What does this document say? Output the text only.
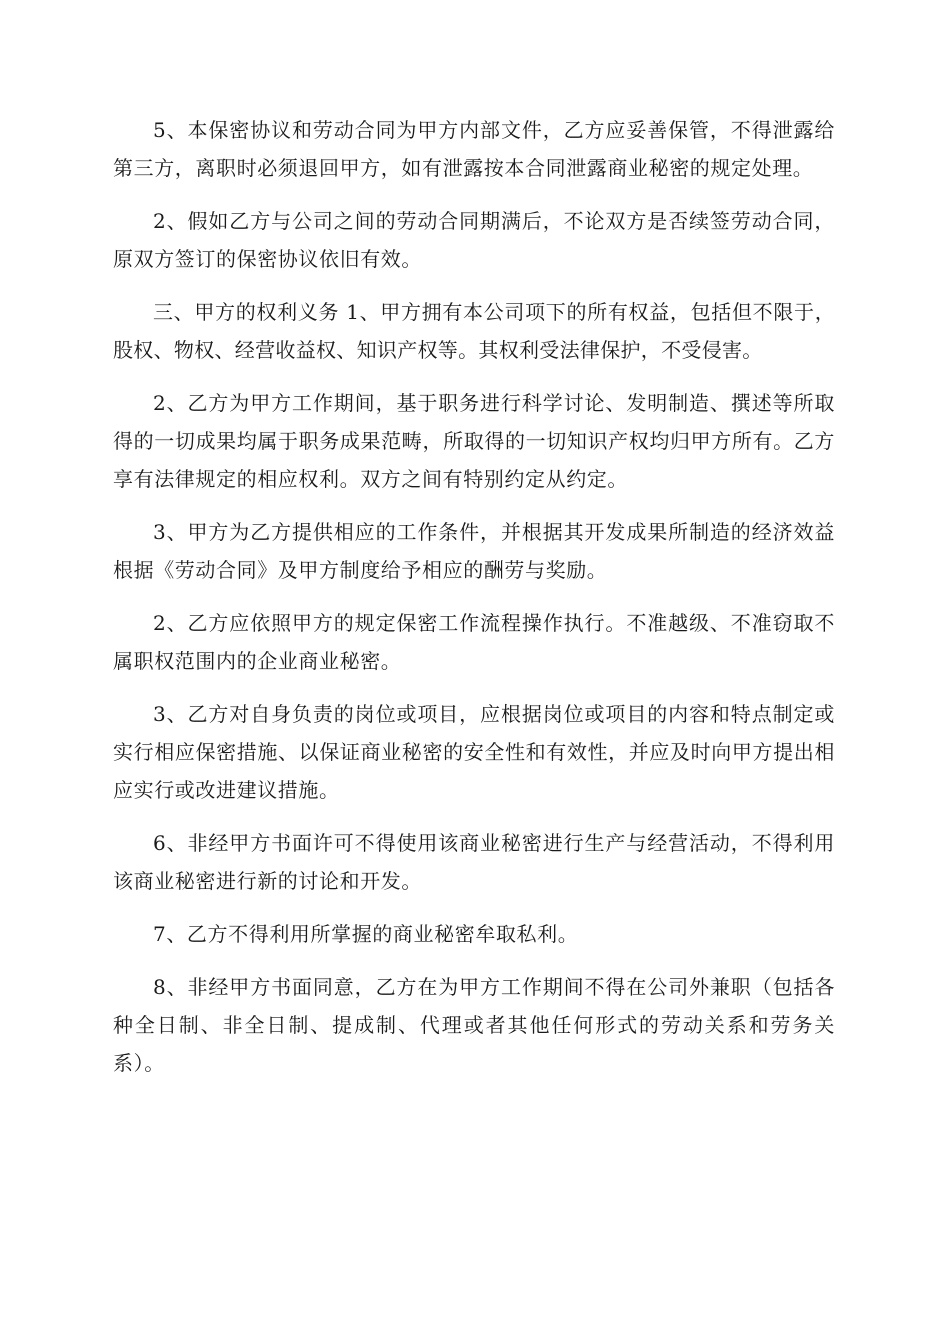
5、本保密协议和劳动合同为甲方内部文件，乙方应妥善保管，不得泄露给第三方，离职时必须退回甲方，如有泄露按本合同泄露商业秘密的规定处理。

2、假如乙方与公司之间的劳动合同期满后，不论双方是否续签劳动合同，原双方签订的保密协议依旧有效。

三、甲方的权利义务 1、甲方拥有本公司项下的所有权益，包括但不限于，股权、物权、经营收益权、知识产权等。其权利受法律保护，不受侵害。

2、乙方为甲方工作期间，基于职务进行科学讨论、发明制造、撰述等所取得的一切成果均属于职务成果范畴，所取得的一切知识产权均归甲方所有。乙方享有法律规定的相应权利。双方之间有特别约定从约定。

3、甲方为乙方提供相应的工作条件，并根据其开发成果所制造的经济效益根据《劳动合同》及甲方制度给予相应的酬劳与奖励。

2、乙方应依照甲方的规定保密工作流程操作执行。不准越级、不准窃取不属职权范围内的企业商业秘密。

3、乙方对自身负责的岗位或项目，应根据岗位或项目的内容和特点制定或实行相应保密措施、以保证商业秘密的安全性和有效性，并应及时向甲方提出相应实行或改进建议措施。

6、非经甲方书面许可不得使用该商业秘密进行生产与经营活动，不得利用该商业秘密进行新的讨论和开发。

7、乙方不得利用所掌握的商业秘密牟取私利。

8、非经甲方书面同意，乙方在为甲方工作期间不得在公司外兼职（包括各种全日制、非全日制、提成制、代理或者其他任何形式的劳动关系和劳务关系）。
